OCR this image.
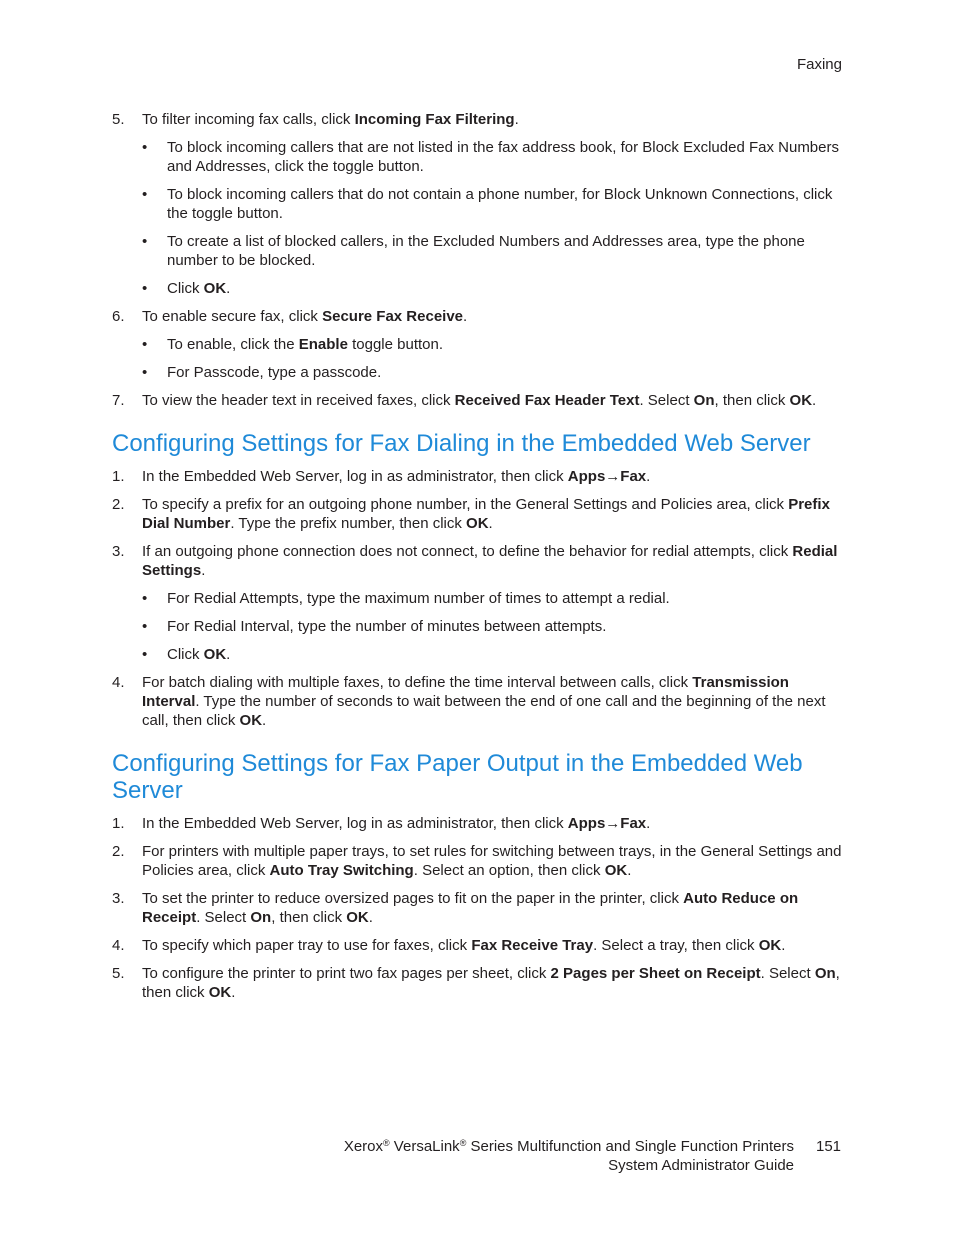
Faxing
5.	To filter incoming fax calls, click Incoming Fax Filtering.
•	To block incoming callers that are not listed in the fax address book, for Block Excluded Fax Numbers and Addresses, click the toggle button.
•	To block incoming callers that do not contain a phone number, for Block Unknown Connections, click the toggle button.
•	To create a list of blocked callers, in the Excluded Numbers and Addresses area, type the phone number to be blocked.
•	Click OK.
6.	To enable secure fax, click Secure Fax Receive.
•	To enable, click the Enable toggle button.
•	For Passcode, type a passcode.
7.	To view the header text in received faxes, click Received Fax Header Text. Select On, then click OK.
Configuring Settings for Fax Dialing in the Embedded Web Server
1.	In the Embedded Web Server, log in as administrator, then click Apps→Fax.
2.	To specify a prefix for an outgoing phone number, in the General Settings and Policies area, click Prefix Dial Number. Type the prefix number, then click OK.
3.	If an outgoing phone connection does not connect, to define the behavior for redial attempts, click Redial Settings.
•	For Redial Attempts, type the maximum number of times to attempt a redial.
•	For Redial Interval, type the number of minutes between attempts.
•	Click OK.
4.	For batch dialing with multiple faxes, to define the time interval between calls, click Transmission Interval. Type the number of seconds to wait between the end of one call and the beginning of the next call, then click OK.
Configuring Settings for Fax Paper Output in the Embedded Web Server
1.	In the Embedded Web Server, log in as administrator, then click Apps→Fax.
2.	For printers with multiple paper trays, to set rules for switching between trays, in the General Settings and Policies area, click Auto Tray Switching. Select an option, then click OK.
3.	To set the printer to reduce oversized pages to fit on the paper in the printer, click Auto Reduce on Receipt. Select On, then click OK.
4.	To specify which paper tray to use for faxes, click Fax Receive Tray. Select a tray, then click OK.
5.	To configure the printer to print two fax pages per sheet, click 2 Pages per Sheet on Receipt. Select On, then click OK.
Xerox® VersaLink® Series Multifunction and Single Function Printers
System Administrator Guide
151
